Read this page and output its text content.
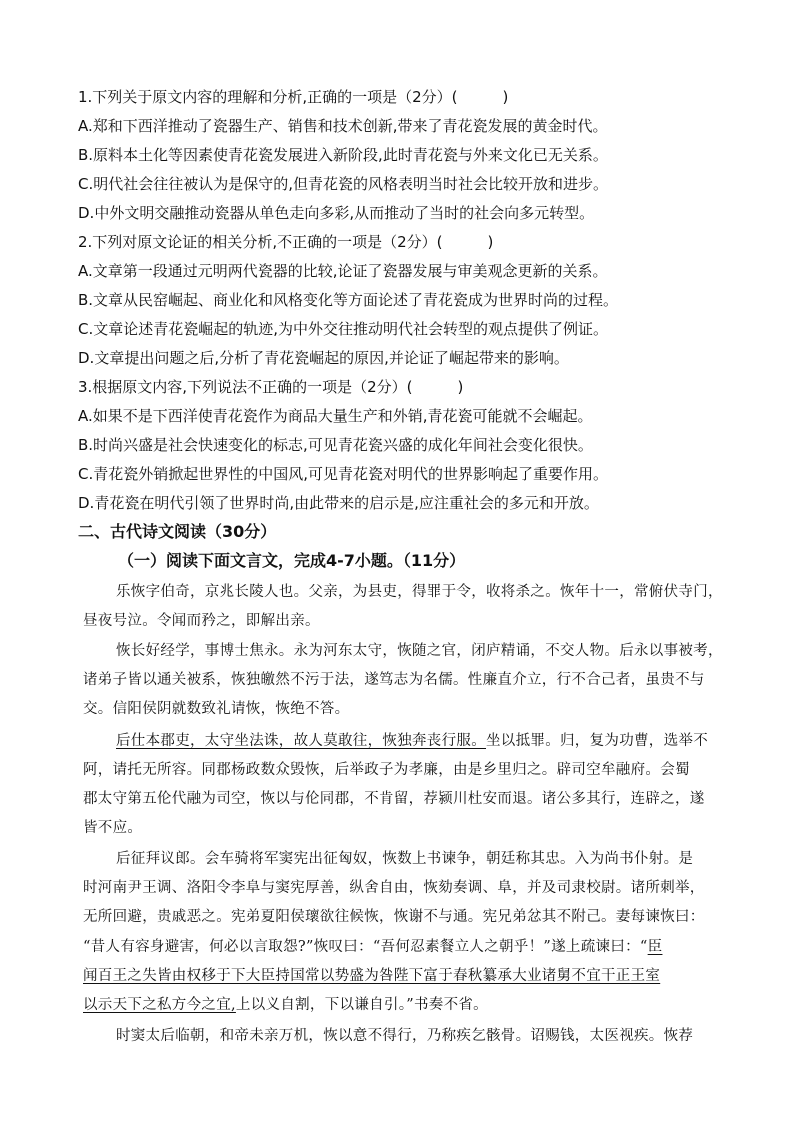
1.下列关于原文内容的理解和分析,正确的一项是（2分）(　　　)
A.郑和下西洋推动了瓷器生产、销售和技术创新,带来了青花瓷发展的黄金时代。
B.原料本土化等因素使青花瓷发展进入新阶段,此时青花瓷与外来文化已无关系。
C.明代社会往往被认为是保守的,但青花瓷的风格表明当时社会比较开放和进步。
D.中外文明交融推动瓷器从单色走向多彩,从而推动了当时的社会向多元转型。
2.下列对原文论证的相关分析,不正确的一项是（2分）(　　　)
A.文章第一段通过元明两代瓷器的比较,论证了瓷器发展与审美观念更新的关系。
B.文章从民窑崛起、商业化和风格变化等方面论述了青花瓷成为世界时尚的过程。
C.文章论述青花瓷崛起的轨迹,为中外交往推动明代社会转型的观点提供了例证。
D.文章提出问题之后,分析了青花瓷崛起的原因,并论证了崛起带来的影响。
3.根据原文内容,下列说法不正确的一项是（2分）(　　　)
A.如果不是下西洋使青花瓷作为商品大量生产和外销,青花瓷可能就不会崛起。
B.时尚兴盛是社会快速变化的标志,可见青花瓷兴盛的成化年间社会变化很快。
C.青花瓷外销掀起世界性的中国风,可见青花瓷对明代的世界影响起了重要作用。
D.青花瓷在明代引领了世界时尚,由此带来的启示是,应注重社会的多元和开放。
二、古代诗文阅读（30分）
（一）阅读下面文言文，完成4-7小题。（11分）
乐恢字伯奇，京兆长陵人也。父亲，为县吏，得罪于令，收将杀之。恢年十一，常俯伏寺门，
昼夜号泣。令闻而矜之，即解出亲。
恢长好经学，事博士焦永。永为河东太守，恢随之官，闭庐精诵，不交人物。后永以事被考，
诸弟子皆以通关被系，恢独皦然不污于法，遂笃志为名儒。性廉直介立，行不合己者，虽贵不与
交。信阳侯阴就数致礼请恢，恢绝不答。
后仕本郡吏，太守坐法诛，故人莫敢往，恢独奔丧行服。坐以抵罪。归，复为功曹，选举不
阿，请托无所容。同郡杨政数众毁恢，后举政子为孝廉，由是乡里归之。辟司空牟融府。会蜀
郡太守第五伦代融为司空，恢以与伦同郡，不肯留，荐颍川杜安而退。诸公多其行，连辟之，遂
皆不应。
后征拜议郎。会车骑将军窦宪出征匈奴，恢数上书谏争，朝廷称其忠。入为尚书仆射。是
时河南尹王调、洛阳令李阜与窦宪厚善，纵舍自由，恢劾奏调、阜，并及司隶校尉。诸所刺举，
无所回避，贵戚恶之。宪弟夏阳侯瓌欲往候恢，恢谢不与通。宪兄弟忿其不附己。妻每谏恢曰：
“昔人有容身避害，何必以言取怨?”恢叹曰：“吾何忍素餐立人之朝乎！”遂上疏谏曰：“臣
闻百王之失皆由权移于下大臣持国常以势盛为咎陛下富于春秋纂承大业诸舅不宜干正王室
以示天下之私方今之宜,上以义自割，下以谦自引。”书奏不省。
时窦太后临朝，和帝未亲万机，恢以意不得行，乃称疾乞骸骨。诏赐钱，太医视疾。恢荐
